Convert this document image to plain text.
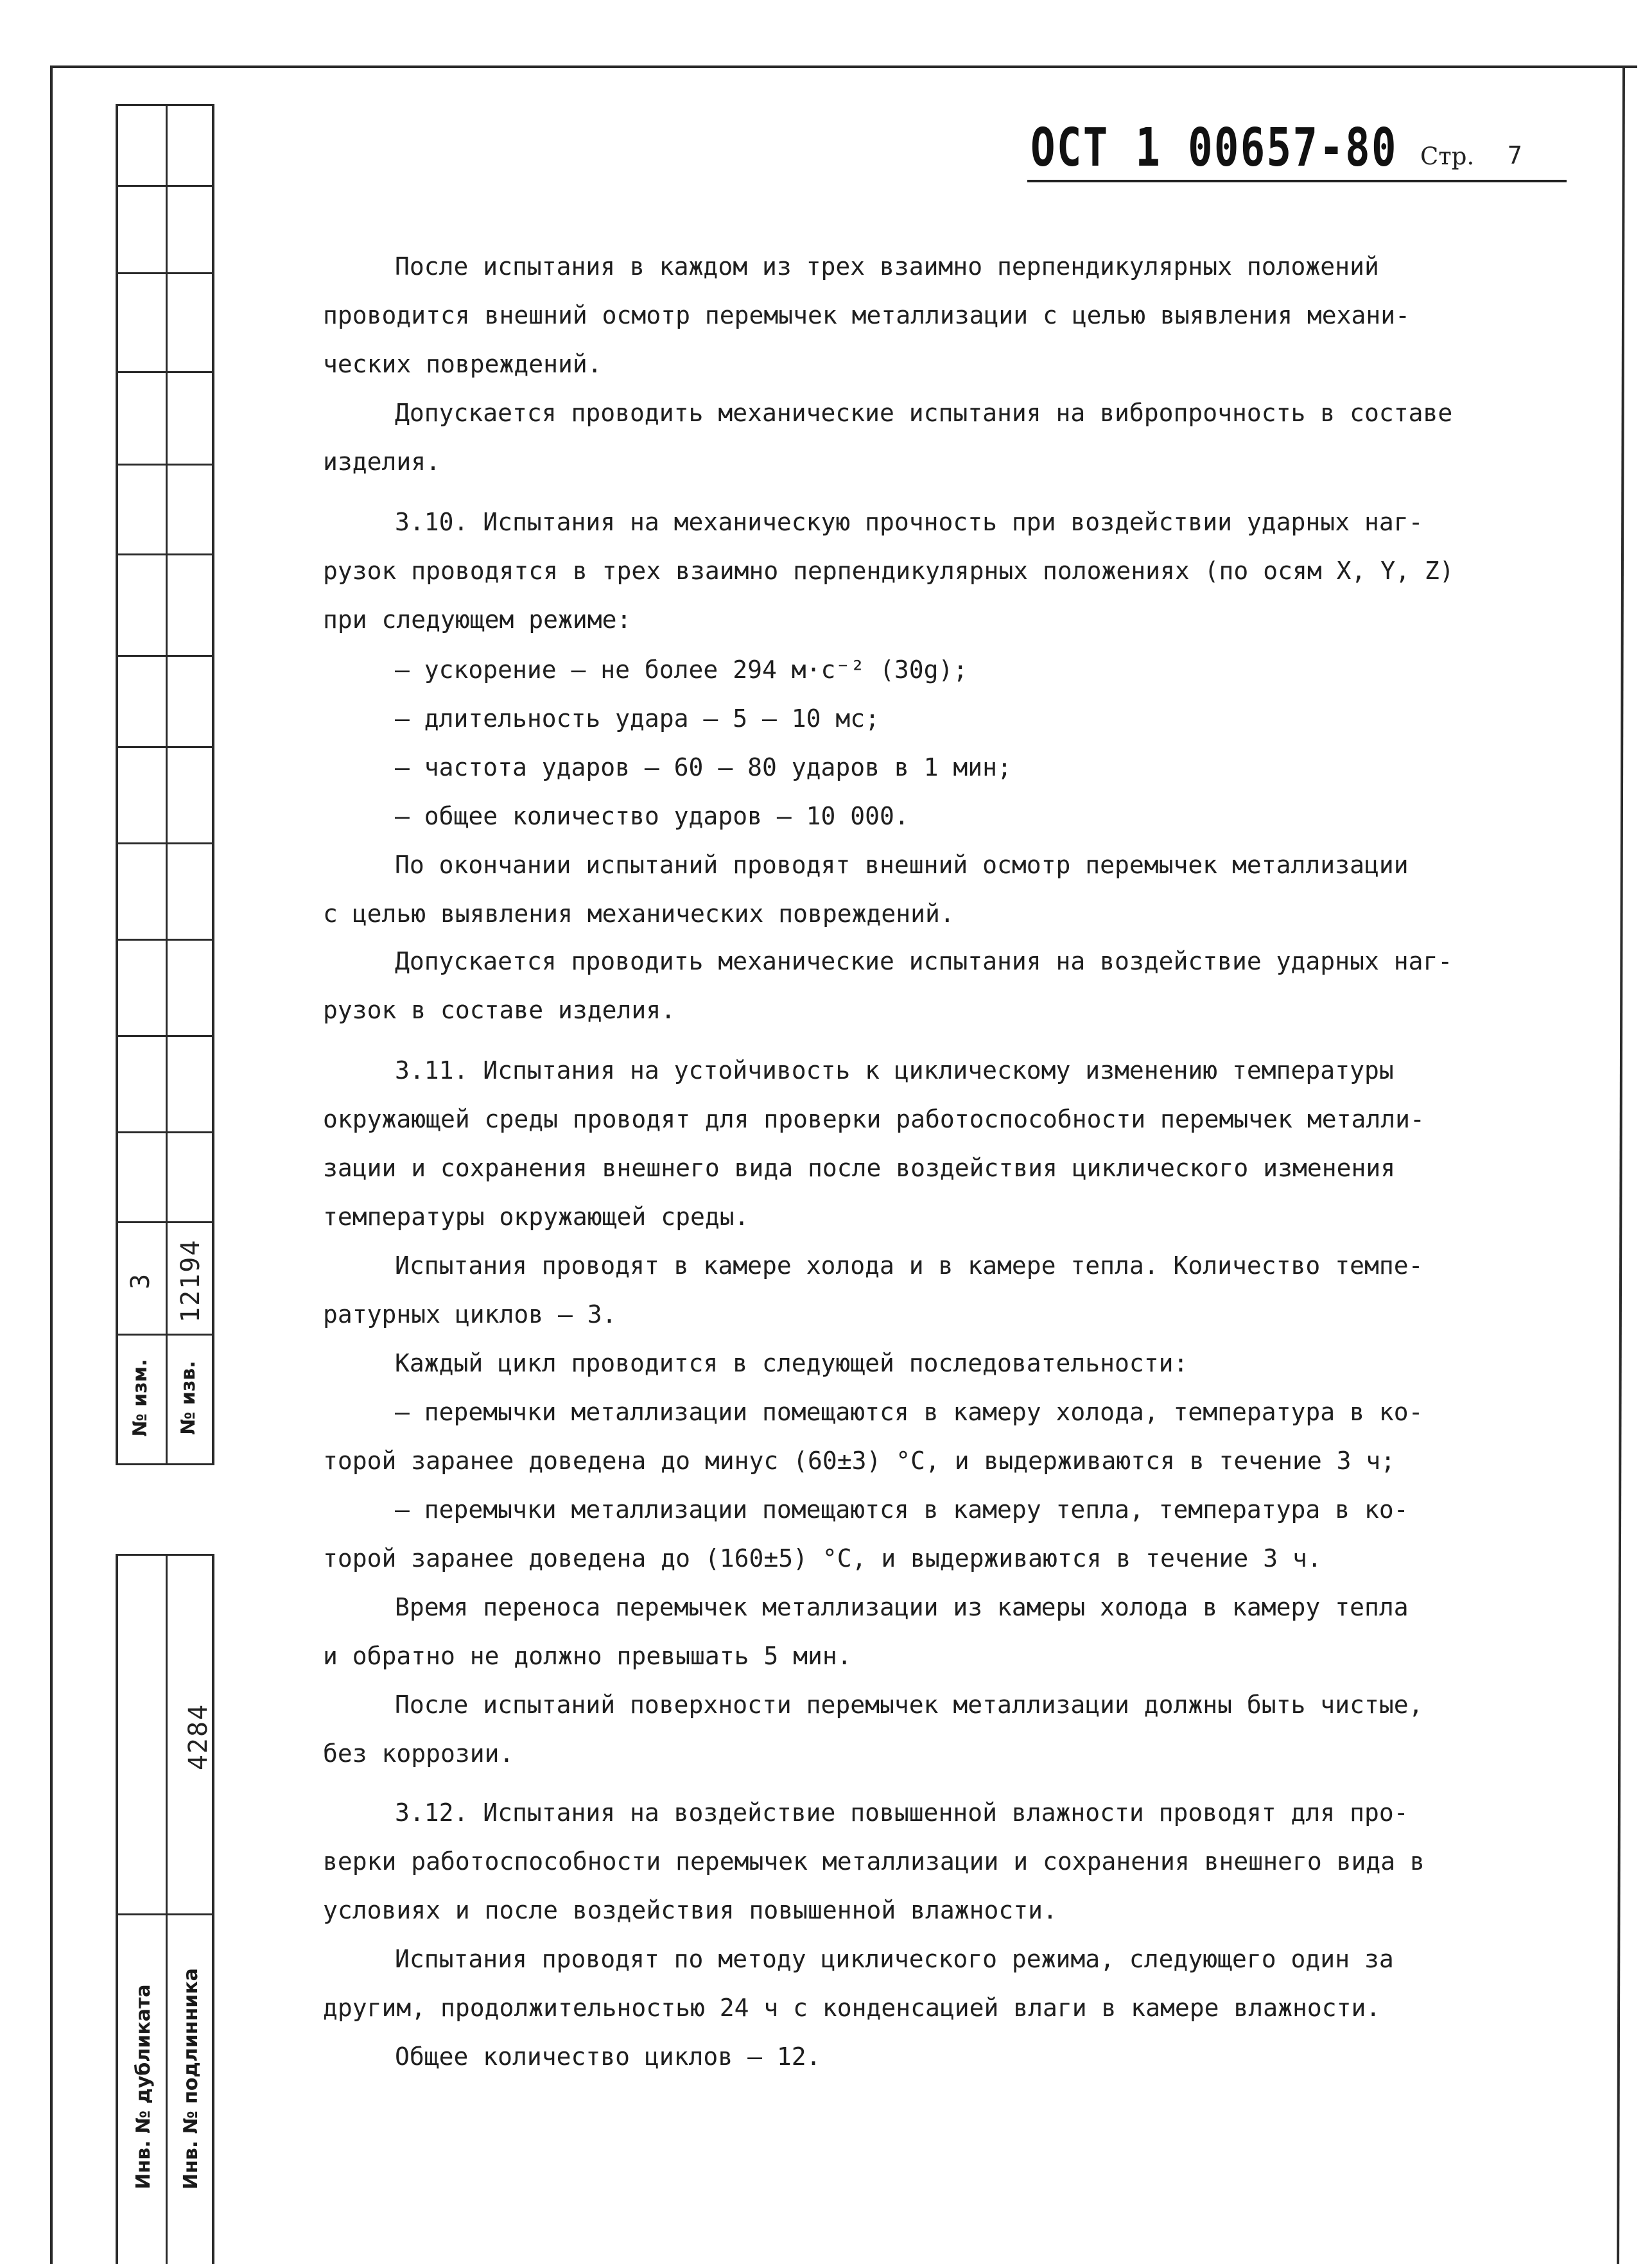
3 12194
№ изм. № изв.
4284
Инв. № дубликата Инв. № подлинника
ОСТ 1 00657-80 Стр. 7
После испытания в каждом из трех взаимно перпендикулярных положений
проводится внешний осмотр перемычек металлизации с целью выявления механи-
ческих повреждений.
Допускается проводить механические испытания на вибропрочность в составе
изделия.
3.10. Испытания на механическую прочность при воздействии ударных наг-
рузок проводятся в трех взаимно перпендикулярных положениях (по осям X, Y, Z)
при следующем режиме:
– ускорение – не более 294 м·с⁻² (30g);
– длительность удара – 5 – 10 мс;
– частота ударов – 60 – 80 ударов в 1 мин;
– общее количество ударов – 10 000.
По окончании испытаний проводят внешний осмотр перемычек металлизации
с целью выявления механических повреждений.
Допускается проводить механические испытания на воздействие ударных наг-
рузок в составе изделия.
3.11. Испытания на устойчивость к циклическому изменению температуры
окружающей среды проводят для проверки работоспособности перемычек металли-
зации и сохранения внешнего вида после воздействия циклического изменения
температуры окружающей среды.
Испытания проводят в камере холода и в камере тепла. Количество темпе-
ратурных циклов – 3.
Каждый цикл проводится в следующей последовательности:
– перемычки металлизации помещаются в камеру холода, температура в ко-
торой заранее доведена до минус (60±3) °С, и выдерживаются в течение 3 ч;
– перемычки металлизации помещаются в камеру тепла, температура в ко-
торой заранее доведена до (160±5) °С, и выдерживаются в течение 3 ч.
Время переноса перемычек металлизации из камеры холода в камеру тепла
и обратно не должно превышать 5 мин.
После испытаний поверхности перемычек металлизации должны быть чистые,
без коррозии.
3.12. Испытания на воздействие повышенной влажности проводят для про-
верки работоспособности перемычек металлизации и сохранения внешнего вида в
условиях и после воздействия повышенной влажности.
Испытания проводят по методу циклического режима, следующего один за
другим, продолжительностью 24 ч с конденсацией влаги в камере влажности.
Общее количество циклов – 12.
